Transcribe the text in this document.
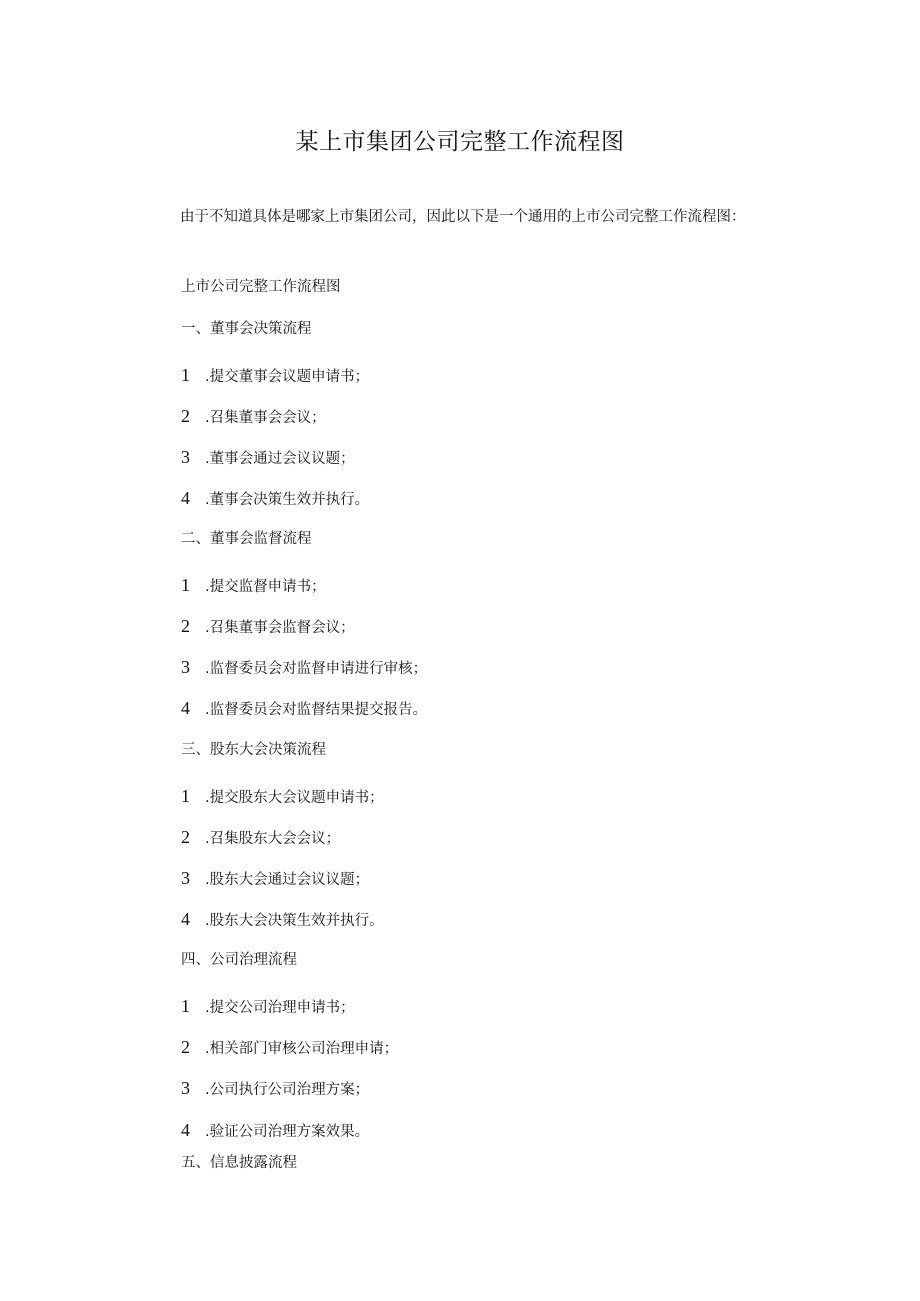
某上市集团公司完整工作流程图

由于不知道具体是哪家上市集团公司，因此以下是一个通用的上市公司完整工作流程图：

上市公司完整工作流程图
一、董事会决策流程
1 .提交董事会议题申请书；
2 .召集董事会会议；
3 .董事会通过会议议题；
4 .董事会决策生效并执行。
二、董事会监督流程
1 .提交监督申请书；
2 .召集董事会监督会议；
3 .监督委员会对监督申请进行审核；
4 .监督委员会对监督结果提交报告。
三、股东大会决策流程
1 .提交股东大会议题申请书；
2 .召集股东大会会议；
3 .股东大会通过会议议题；
4 .股东大会决策生效并执行。
四、公司治理流程
1 .提交公司治理申请书；
2 .相关部门审核公司治理申请；
3 .公司执行公司治理方案；
4 .验证公司治理方案效果。
五、信息披露流程
